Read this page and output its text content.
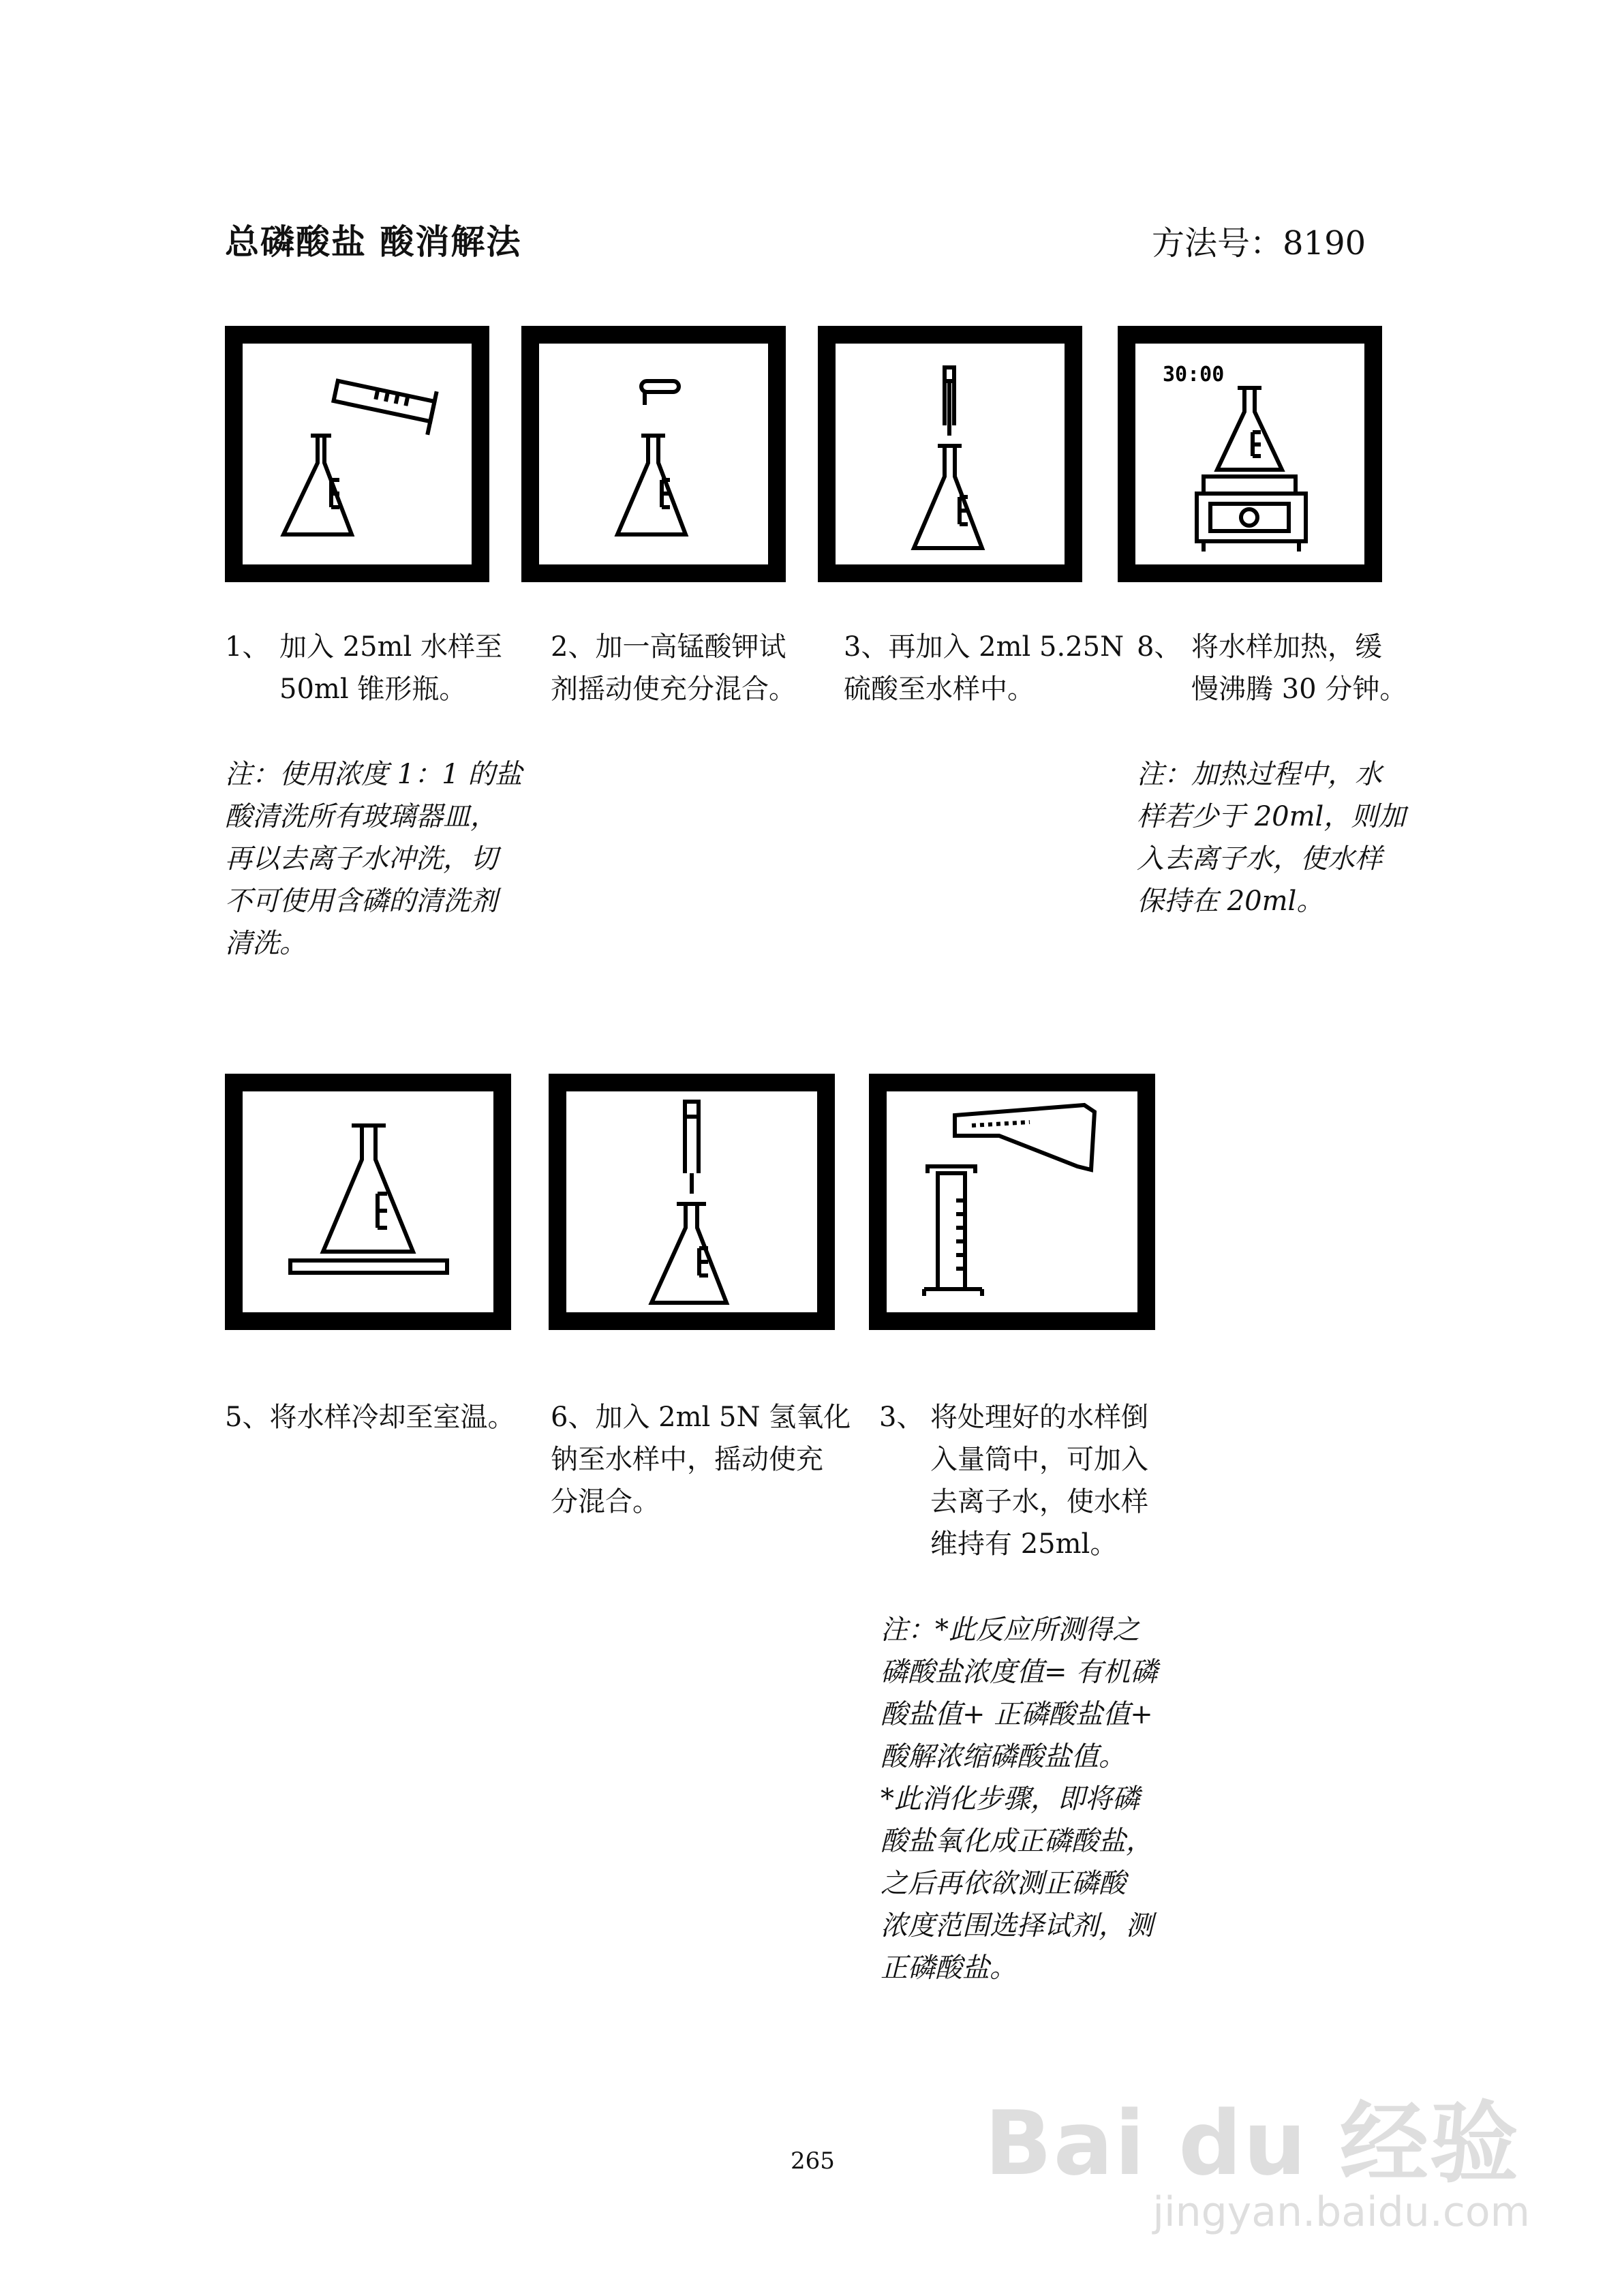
总磷酸盐 酸消解法	方法号：8190
30:00
1、 加入 25ml 水样至
50ml 锥形瓶。
2、加一高锰酸钾试
剂摇动使充分混合。
3、再加入 2ml 5.25N
硫酸至水样中。
8、 将水样加热，缓
慢沸腾 30 分钟。
注：使用浓度 1：1 的盐
酸清洗所有玻璃器皿，
再以去离子水冲洗，切
不可使用含磷的清洗剂
清洗。
注：加热过程中，水
样若少于 20ml，则加
入去离子水，使水样
保持在 20ml。
5、将水样冷却至室温。 6、加入 2ml 5N 氢氧化
钠至水样中，摇动使充
分混合。
3、 将处理好的水样倒
入量筒中，可加入
去离子水，使水样
维持有 25ml。
注：*此反应所测得之
磷酸盐浓度值= 有机磷
酸盐值+ 正磷酸盐值+
酸解浓缩磷酸盐值。
*此消化步骤，即将磷
酸盐氧化成正磷酸盐，
之后再依欲测正磷酸
浓度范围选择试剂，测
正磷酸盐。
265 Bai du 经验
jingyan.baidu.com
